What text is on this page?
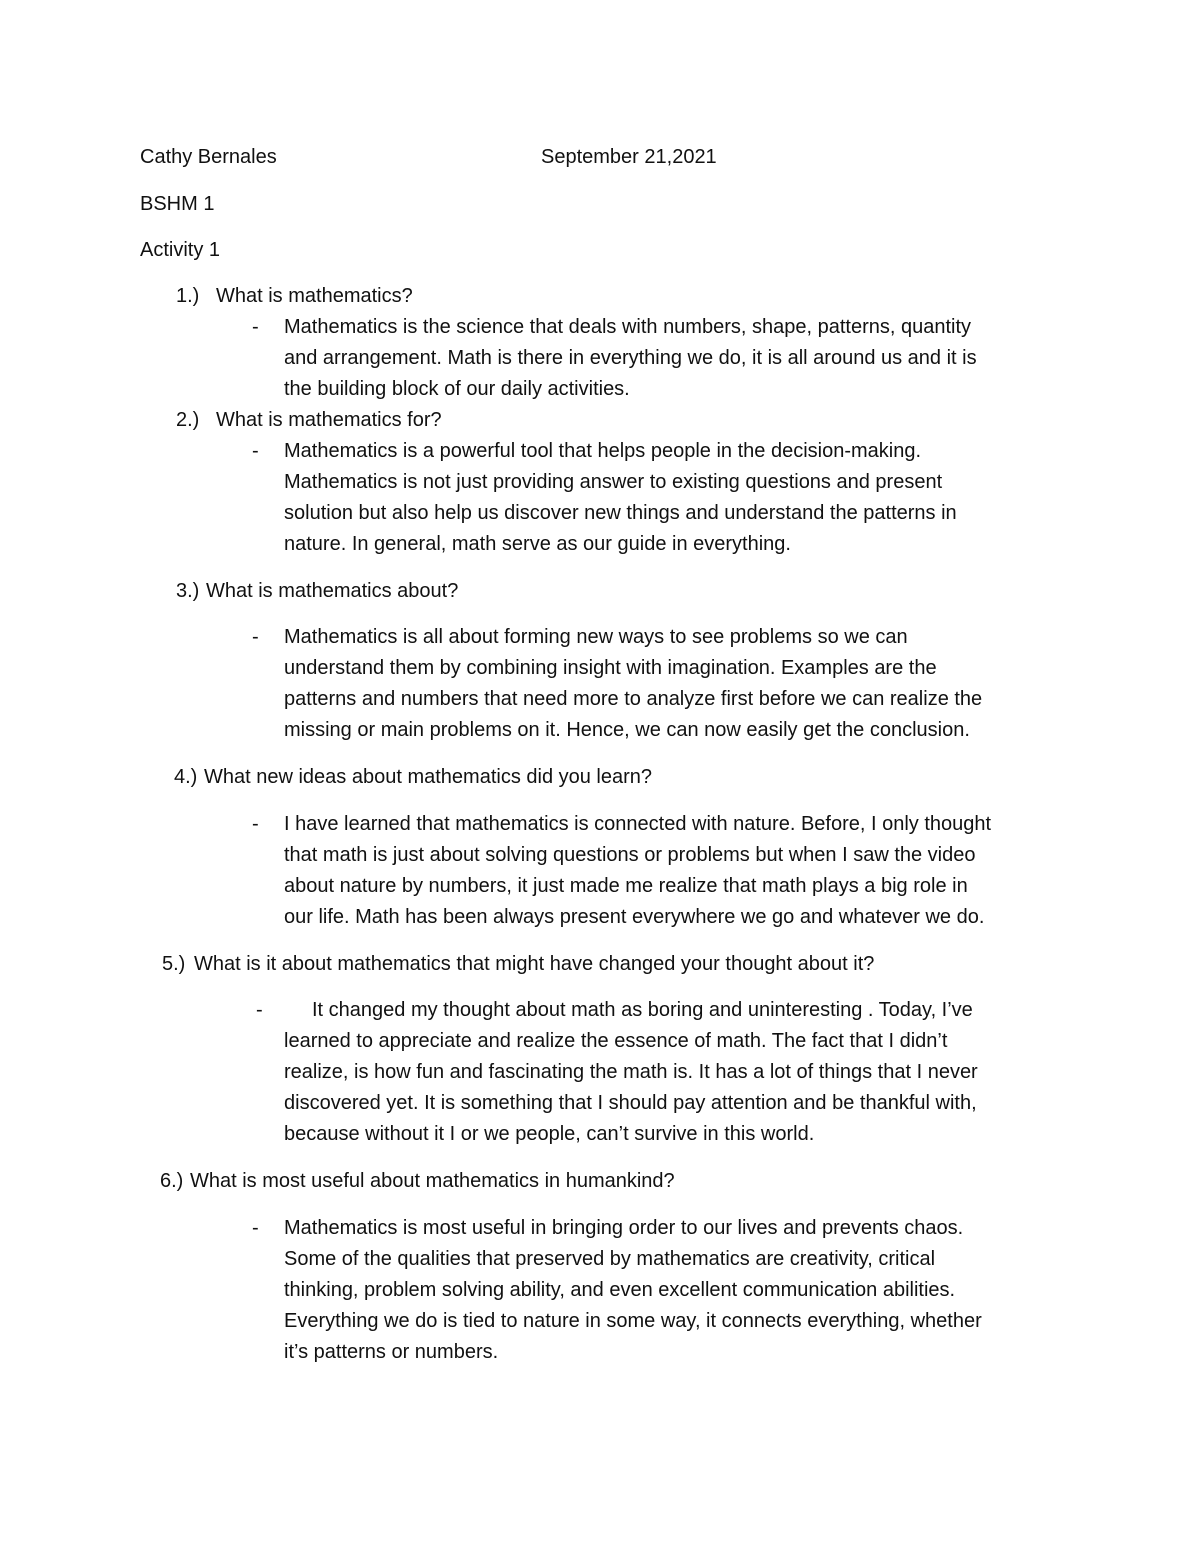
Cathy Bernales	September 21,2021

BSHM 1

Activity 1

1.) What is mathematics?

- Mathematics is the science that deals with numbers, shape, patterns, quantity
and arrangement. Math is there in everything we do, it is all around us and it is
the building block of our daily activities.

2.) What is mathematics for?

- Mathematics is a powerful tool that helps people in the decision-making.
Mathematics is not just providing answer to existing questions and present
solution but also help us discover new things and understand the patterns in
nature. In general, math serve as our guide in everything.

3.) What is mathematics about?

- Mathematics is all about forming new ways to see problems so we can
understand them by combining insight with imagination. Examples are the
patterns and numbers that need more to analyze first before we can realize the
missing or main problems on it. Hence, we can now easily get the conclusion.

4.) What new ideas about mathematics did you learn?

- I have learned that mathematics is connected with nature. Before, I only thought
that math is just about solving questions or problems but when I saw the video
about nature by numbers, it just made me realize that math plays a big role in
our life. Math has been always present everywhere we go and whatever we do.

5.) What is it about mathematics that might have changed your thought about it?

-	It changed my thought about math as boring and uninteresting . Today, I’ve
learned to appreciate and realize the essence of math. The fact that I didn’t
realize, is how fun and fascinating the math is. It has a lot of things that I never
discovered yet. It is something that I should pay attention and be thankful with,
because without it I or we people, can’t survive in this world.

6.) What is most useful about mathematics in humankind?

- Mathematics is most useful in bringing order to our lives and prevents chaos.
Some of the qualities that preserved by mathematics are creativity, critical
thinking, problem solving ability, and even excellent communication abilities.
Everything we do is tied to nature in some way, it connects everything, whether
it’s patterns or numbers.
